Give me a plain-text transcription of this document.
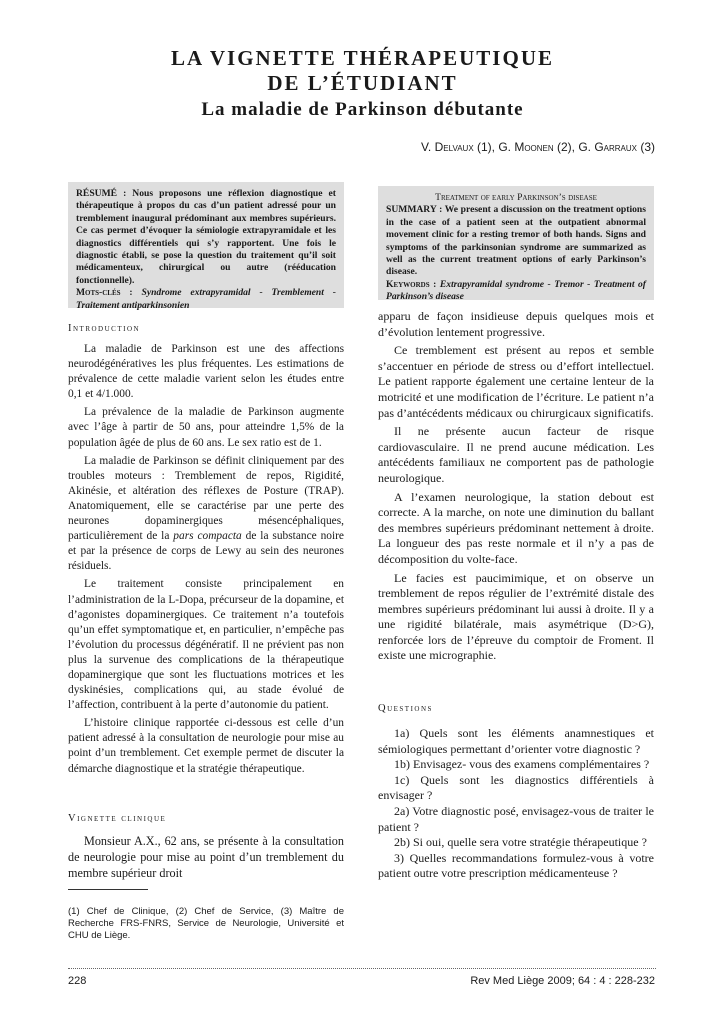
LA VIGNETTE THÉRAPEUTIQUE
DE L’ÉTUDIANT
La maladie de Parkinson débutante
V. Delvaux (1), G. Moonen (2), G. Garraux (3)
RÉSUMÉ : Nous proposons une réflexion diagnostique et thérapeutique à propos du cas d’un patient adressé pour un tremblement inaugural prédominant aux membres supérieurs. Ce cas permet d’évoquer la sémiologie extrapyramidale et les diagnostics différentiels qui s’y rapportent. Une fois le diagnostic établi, se pose la question du traitement qu’il soit médicamenteux, chirurgical ou autre (rééducation fonctionnelle).
Mots-clés : Syndrome extrapyramidal - Tremblement - Traitement antiparkinsonien
Treatment of early Parkinson’s disease
SUMMARY : We present a discussion on the treatment options in the case of a patient seen at the outpatient abnormal movement clinic for a resting tremor of both hands. Signs and symptoms of the parkinsonian syndrome are summarized as well as the current treatment options of early Parkinson’s disease.
Keywords : Extrapyramidal syndrome - Tremor - Treatment of Parkinson’s disease
Introduction

La maladie de Parkinson est une des affections neurodégénératives les plus fréquentes. Les estimations de prévalence de cette maladie varient selon les études entre 0,1 et 4/1.000.

La prévalence de la maladie de Parkinson augmente avec l’âge à partir de 50 ans, pour atteindre 1,5% de la population âgée de plus de 60 ans. Le sex ratio est de 1.

La maladie de Parkinson se définit cliniquement par des troubles moteurs : Tremblement de repos, Rigidité, Akinésie, et altération des réflexes de Posture (TRAP). Anatomiquement, elle se caractérise par une perte des neurones dopaminergiques mésencéphaliques, particulièrement de la pars compacta de la substance noire et par la présence de corps de Lewy au sein des neurones résiduels.

Le traitement consiste principalement en l’administration de la L-Dopa, précurseur de la dopamine, et d’agonistes dopaminergiques. Ce traitement n’a toutefois qu’un effet symptomatique et, en particulier, n’empêche pas l’évolution du processus dégénératif. Il ne prévient pas non plus la survenue des complications de la thérapeutique dopaminergique que sont les fluctuations motrices et les dyskinésies, complications qui, au stade évolué de l’affection, contribuent à la perte d’autonomie du patient.

L’histoire clinique rapportée ci-dessous est celle d’un patient adressé à la consultation de neurologie pour mise au point d’un tremblement. Cet exemple permet de discuter la démarche diagnostique et la stratégie thérapeutique.

Vignette clinique

Monsieur A.X., 62 ans, se présente à la consultation de neurologie pour mise au point d’un tremblement du membre supérieur droit

apparu de façon insidieuse depuis quelques mois et d’évolution lentement progressive.

Ce tremblement est présent au repos et semble s’accentuer en période de stress ou d’effort intellectuel. Le patient rapporte également une certaine lenteur de la motricité et une modification de l’écriture. Le patient n’a pas d’antécédents médicaux ou chirurgicaux significatifs.

Il ne présente aucun facteur de risque cardiovasculaire. Il ne prend aucune médication. Les antécédents familiaux ne comportent pas de pathologie neurologique.

A l’examen neurologique, la station debout est correcte. A la marche, on note une diminution du ballant des membres supérieurs prédominant nettement à droite. La longueur des pas reste normale et il n’y a pas de décomposition du volte-face.

Le facies est paucimimique, et on observe un tremblement de repos régulier de l’extrémité distale des membres supérieurs prédominant lui aussi à droite. Il y a une rigidité bilatérale, mais asymétrique (D>G), renforcée lors de l’épreuve du comptoir de Froment. Il existe une micrographie.

Questions

1a) Quels sont les éléments anamnestiques et sémiologiques permettant d’orienter votre diagnostic ?

1b) Envisagez- vous des examens complémentaires ?

1c) Quels sont les diagnostics différentiels à envisager ?

2a) Votre diagnostic posé, envisagez-vous de traiter le patient ?

2b) Si oui, quelle sera votre stratégie thérapeutique ?

3) Quelles recommandations formulez-vous à votre patient outre votre prescription médicamenteuse ?

(1) Chef de Clinique, (2) Chef de Service, (3) Maître de Recherche FRS-FNRS, Service de Neurologie, Université et CHU de Liège.
228	Rev Med Liège 2009; 64 : 4 : 228-232
